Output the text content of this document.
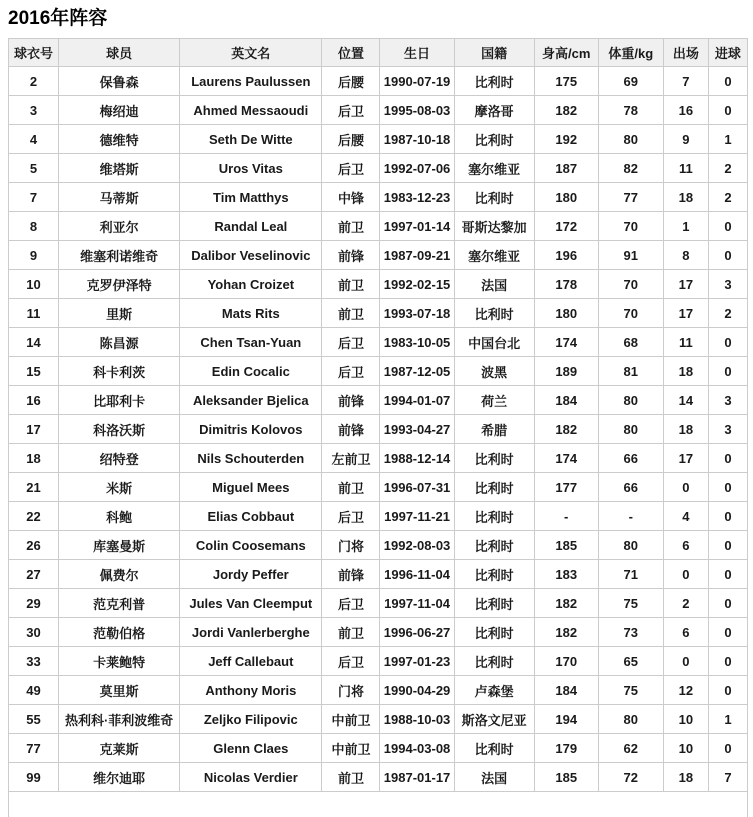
2016年阵容
球衣号	球员	英文名	位置	生日	国籍	身高/cm	体重/kg	出场	进球
2	保鲁森	Laurens Paulussen	后腰	1990-07-19	比利时	175	69	7	0
3	梅绍迪	Ahmed Messaoudi	后卫	1995-08-03	摩洛哥	182	78	16	0
4	德维特	Seth De Witte	后腰	1987-10-18	比利时	192	80	9	1
5	维塔斯	Uros Vitas	后卫	1992-07-06	塞尔维亚	187	82	11	2
7	马蒂斯	Tim Matthys	中锋	1983-12-23	比利时	180	77	18	2
8	利亚尔	Randal Leal	前卫	1997-01-14	哥斯达黎加	172	70	1	0
9	维塞利诺维奇	Dalibor Veselinovic	前锋	1987-09-21	塞尔维亚	196	91	8	0
10	克罗伊泽特	Yohan Croizet	前卫	1992-02-15	法国	178	70	17	3
11	里斯	Mats Rits	前卫	1993-07-18	比利时	180	70	17	2
14	陈昌源	Chen Tsan-Yuan	后卫	1983-10-05	中国台北	174	68	11	0
15	科卡利茨	Edin Cocalic	后卫	1987-12-05	波黑	189	81	18	0
16	比耶利卡	Aleksander Bjelica	前锋	1994-01-07	荷兰	184	80	14	3
17	科洛沃斯	Dimitris Kolovos	前锋	1993-04-27	希腊	182	80	18	3
18	绍特登	Nils Schouterden	左前卫	1988-12-14	比利时	174	66	17	0
21	米斯	Miguel Mees	前卫	1996-07-31	比利时	177	66	0	0
22	科鲍	Elias Cobbaut	后卫	1997-11-21	比利时	-	-	4	0
26	库塞曼斯	Colin Coosemans	门将	1992-08-03	比利时	185	80	6	0
27	佩费尔	Jordy Peffer	前锋	1996-11-04	比利时	183	71	0	0
29	范克利普	Jules Van Cleemput	后卫	1997-11-04	比利时	182	75	2	0
30	范勒伯格	Jordi Vanlerberghe	前卫	1996-06-27	比利时	182	73	6	0
33	卡莱鲍特	Jeff Callebaut	后卫	1997-01-23	比利时	170	65	0	0
49	莫里斯	Anthony Moris	门将	1990-04-29	卢森堡	184	75	12	0
55	热利科·菲利波维奇	Zeljko Filipovic	中前卫	1988-10-03	斯洛文尼亚	194	80	10	1
77	克莱斯	Glenn Claes	中前卫	1994-03-08	比利时	179	62	10	0
99	维尔迪耶	Nicolas Verdier	前卫	1987-01-17	法国	185	72	18	7
